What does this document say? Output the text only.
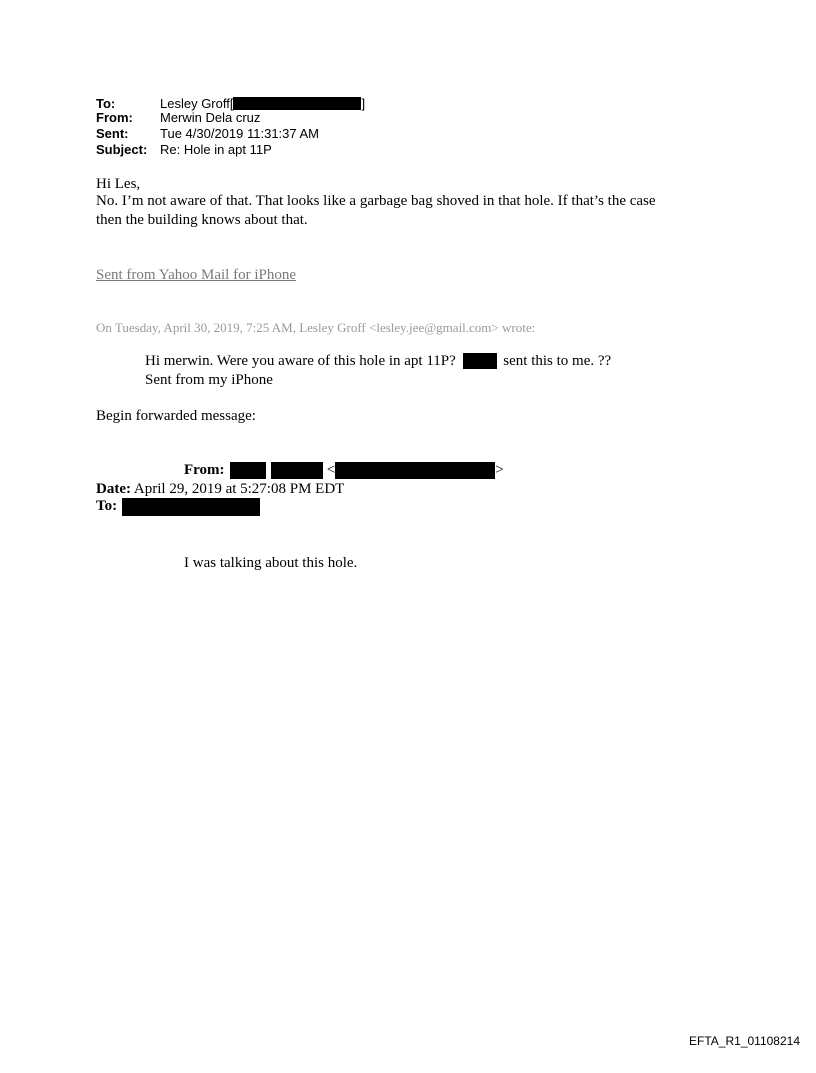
To:	Lesley Groff[	]
From: Merwin Dela cruz
Sent: Tue 4/30/2019 11:31:37 AM
Subject: Re: Hole in apt 11P
Hi Les,
No. I’m not aware of that. That looks like a garbage bag shoved in that hole. If that’s the case
then the building knows about that.
Sent from Yahoo Mail for iPhone
On Tuesday, April 30, 2019, 7:25 AM, Lesley Groff <lesley.jee@gmail.com> wrote:
Hi merwin. Were you aware of this hole in apt 11P?	sent this to me. ??
Sent from my iPhone
Begin forwarded message:
From:	<	>
Date: April 29, 2019 at 5:27:08 PM EDT
To:
I was talking about this hole.
EFTA_R1_01108214
